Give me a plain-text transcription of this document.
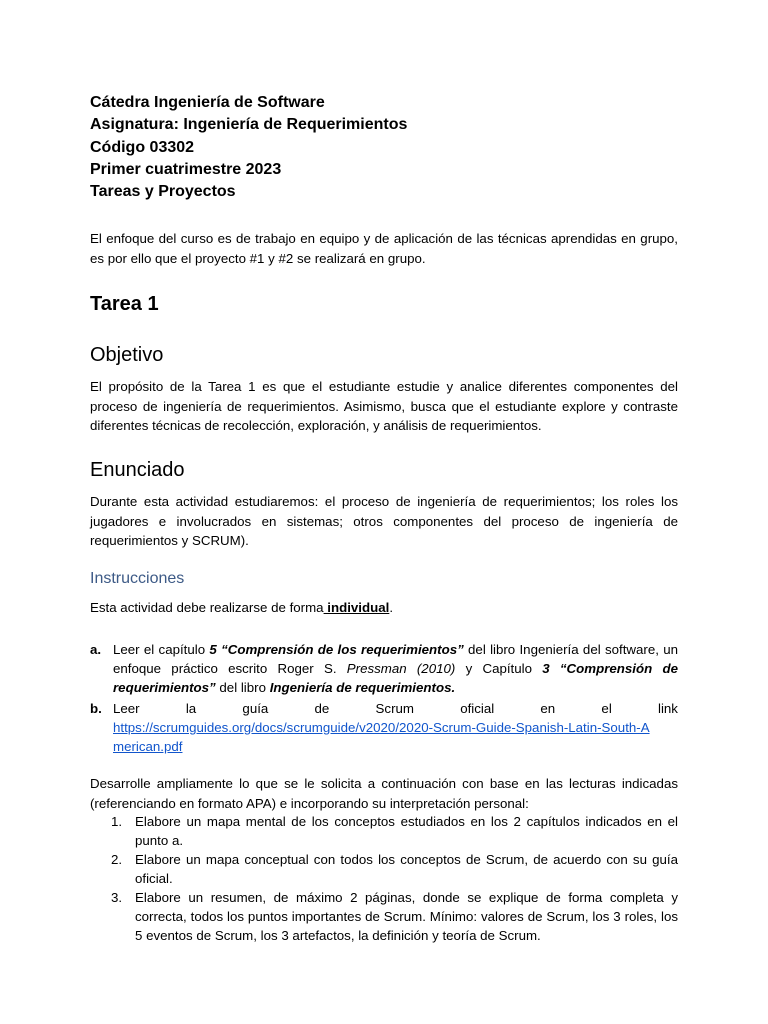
Cátedra Ingeniería de Software
Asignatura: Ingeniería de Requerimientos
Código 03302
Primer cuatrimestre 2023
Tareas y Proyectos

El enfoque del curso es de trabajo en equipo y de aplicación de las técnicas aprendidas en grupo, es por ello que el proyecto #1 y #2 se realizará en grupo.

Tarea 1
Objetivo

El propósito de la Tarea 1 es que el estudiante estudie y analice diferentes componentes del proceso de ingeniería de requerimientos. Asimismo, busca que el estudiante explore y contraste diferentes técnicas de recolección, exploración, y análisis de requerimientos.

Enunciado

Durante esta actividad estudiaremos: el proceso de ingeniería de requerimientos; los roles los jugadores e involucrados en sistemas; otros componentes del proceso de ingeniería de requerimientos y SCRUM).

Instrucciones
Esta actividad debe realizarse de forma individual.
a. Leer el capítulo 5 “Comprensión de los requerimientos” del libro Ingeniería del software, un enfoque práctico escrito Roger S. Pressman (2010) y Capítulo 3 “Comprensión de requerimientos” del libro Ingeniería de requerimientos.
b. Leer	la	guía	de	Scrum	oficial	en	el	link
https://scrumguides.org/docs/scrumguide/v2020/2020-Scrum-Guide-Spanish-Latin-South-A
merican.pdf

Desarrolle ampliamente lo que se le solicita a continuación con base en las lecturas indicadas (referenciando en formato APA) e incorporando su interpretación personal:

1. Elabore un mapa mental de los conceptos estudiados en los 2 capítulos indicados en el punto a.
2. Elabore un mapa conceptual con todos los conceptos de Scrum, de acuerdo con su guía oficial.
3. Elabore un resumen, de máximo 2 páginas, donde se explique de forma completa y correcta, todos los puntos importantes de Scrum. Mínimo: valores de Scrum, los 3 roles, los 5 eventos de Scrum, los 3 artefactos, la definición y teoría de Scrum.
